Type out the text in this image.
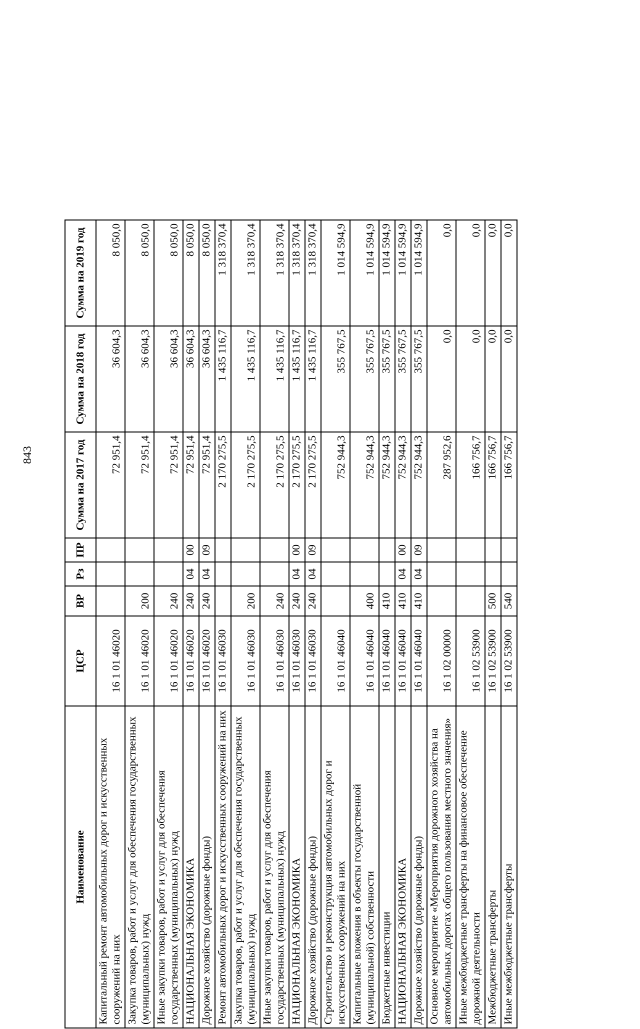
843
Наименование	ЦСР	ВР	Рз	ПР	Сумма на 2017 год	Сумма на 2018 год	Сумма на 2019 год
Капитальный ремонт автомобильных дорог и искусственных сооружений на них	16 1 01 46020				72 951,4	36 604,3	8 050,0
Закупка товаров, работ и услуг для обеспечения государственных (муниципальных) нужд	16 1 01 46020	200			72 951,4	36 604,3	8 050,0
Иные закупки товаров, работ и услуг для обеспечения государственных (муниципальных) нужд	16 1 01 46020	240			72 951,4	36 604,3	8 050,0
НАЦИОНАЛЬНАЯ ЭКОНОМИКА	16 1 01 46020	240	04	00	72 951,4	36 604,3	8 050,0
Дорожное хозяйство (дорожные фонды)	16 1 01 46020	240	04	09	72 951,4	36 604,3	8 050,0
Ремонт автомобильных дорог и искусственных сооружений на них	16 1 01 46030				2 170 275,5	1 435 116,7	1 318 370,4
Закупка товаров, работ и услуг для обеспечения государственных (муниципальных) нужд	16 1 01 46030	200			2 170 275,5	1 435 116,7	1 318 370,4
Иные закупки товаров, работ и услуг для обеспечения государственных (муниципальных) нужд	16 1 01 46030	240			2 170 275,5	1 435 116,7	1 318 370,4
НАЦИОНАЛЬНАЯ ЭКОНОМИКА	16 1 01 46030	240	04	00	2 170 275,5	1 435 116,7	1 318 370,4
Дорожное хозяйство (дорожные фонды)	16 1 01 46030	240	04	09	2 170 275,5	1 435 116,7	1 318 370,4
Строительство и реконструкция автомобильных дорог и искусственных сооружений на них	16 1 01 46040				752 944,3	355 767,5	1 014 594,9
Капитальные вложения в объекты государственной (муниципальной) собственности	16 1 01 46040	400			752 944,3	355 767,5	1 014 594,9
Бюджетные инвестиции	16 1 01 46040	410			752 944,3	355 767,5	1 014 594,9
НАЦИОНАЛЬНАЯ ЭКОНОМИКА	16 1 01 46040	410	04	00	752 944,3	355 767,5	1 014 594,9
Дорожное хозяйство (дорожные фонды)	16 1 01 46040	410	04	09	752 944,3	355 767,5	1 014 594,9
Основное мероприятие «Мероприятия дорожного хозяйства на автомобильных дорогах общего пользования местного значения»	16 1 02 00000				287 952,6	0,0	0,0
Иные межбюджетные трансферты на финансовое обеспечение дорожной деятельности	16 1 02 53900				166 756,7	0,0	0,0
Межбюджетные трансферты	16 1 02 53900	500			166 756,7	0,0	0,0
Иные межбюджетные трансферты	16 1 02 53900	540			166 756,7	0,0	0,0
